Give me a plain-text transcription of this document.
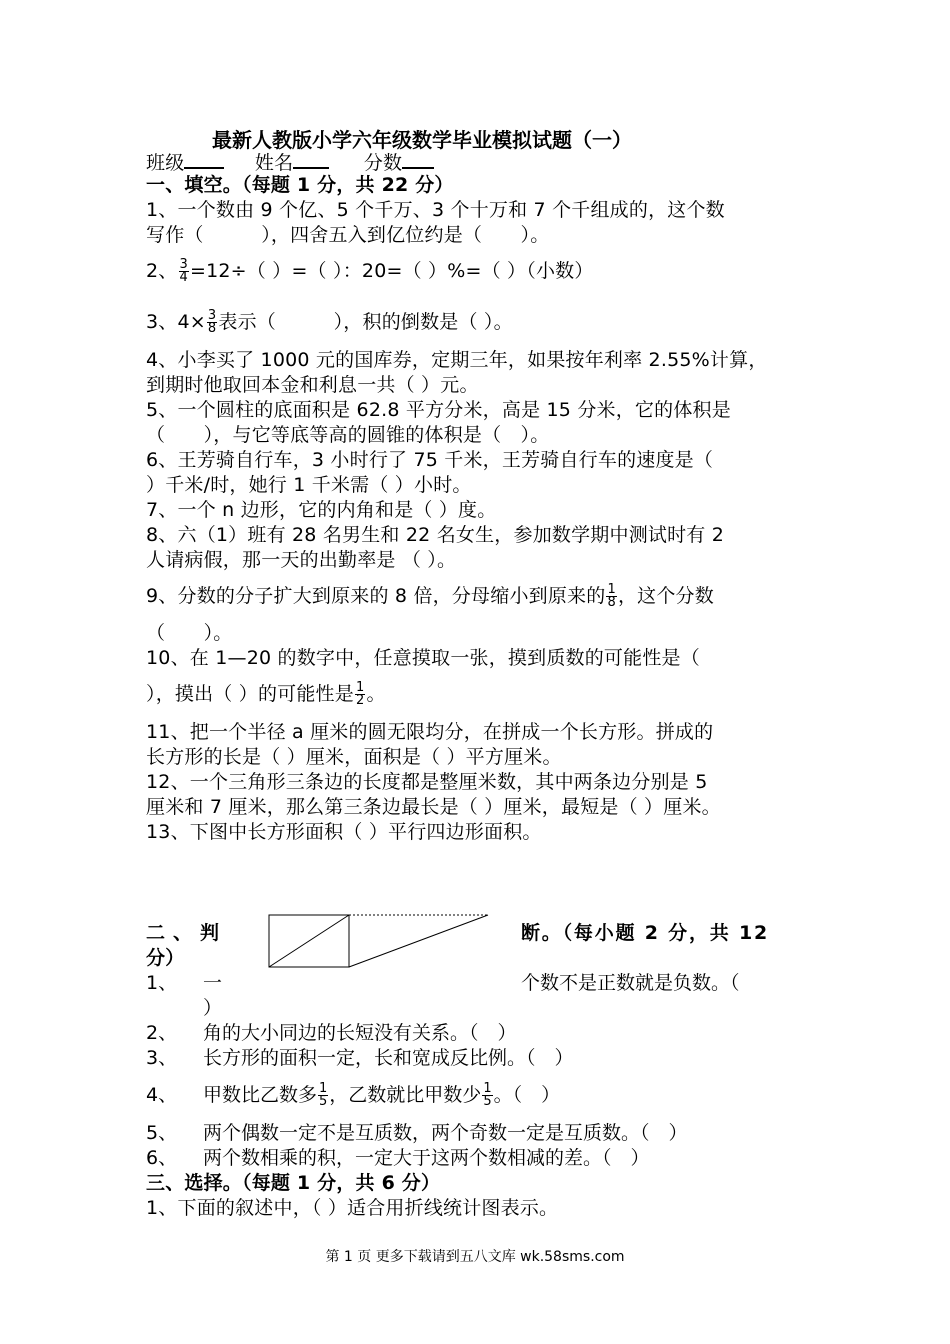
最新人教版小学六年级数学毕业模拟试题（一）
班级	姓名	分数
一、填空。（每题 1 分，共 22 分）
1、一个数由 9 个亿、5 个千万、3 个十万和 7 个千组成的，这个数
写作（　　　），四舍五入到亿位约是（　　）。
2、 $\frac{3}{4} =12\div$（ ）=（ ）：20=（ ）%=（ ）（小数）
3、$4\times \frac{3}{8}$ 表示（　　　），积的倒数是（ ）。
4、小李买了 1000 元的国库券，定期三年，如果按年利率 2.55%计算，
到期时他取回本金和利息一共（ ）元。
5、一个圆柱的底面积是 62.8 平方分米，高是 15 分米，它的体积是
（　　），与它等底等高的圆锥的体积是（　）。
6、王芳骑自行车，3 小时行了 75 千米，王芳骑自行车的速度是（
）千米/时，她行 1 千米需（ ）小时。
7、一个 n 边形，它的内角和是（ ）度。
8、六（1）班有 28 名男生和 22 名女生，参加数学期中测试时有 2
人请病假，那一天的出勤率是 （ ）。
9、分数的分子扩大到原来的 8 倍，分母缩小到原来的 $\frac{1}{8}$ ，这个分数
（　　）。
10、在 1—20 的数字中，任意摸取一张，摸到质数的可能性是（
），摸出（ ）的可能性是 $\frac{1}{2}$ 。
11、把一个半径 a 厘米的圆无限均分，在拼成一个长方形。拼成的
长方形的长是（ ）厘米，面积是（ ）平方厘米。
12、一个三角形三条边的长度都是整厘米数，其中两条边分别是 5
厘米和 7 厘米，那么第三条边最长是（ ）厘米，最短是（ ）厘米。
13、下图中长方形面积（ ）平行四边形面积。
二、判	断。（每小题 2 分，共 12
分）
1、 一	个数不是正数就是负数。（
）
2、 角的大小同边的长短没有关系。（　）
3、 长方形的面积一定，长和宽成反比例。（　）
4、 甲数比乙数多 $\frac{1}{5}$ ，乙数就比甲数少 $\frac{1}{5}$ 。（　）
5、 两个偶数一定不是互质数，两个奇数一定是互质数。（　）
6、 两个数相乘的积，一定大于这两个数相减的差。（　）
三、选择。（每题 1 分，共 6 分）
1、下面的叙述中，（ ）适合用折线统计图表示。
第 1 页 更多下载请到五八文库 wk.58sms.com
